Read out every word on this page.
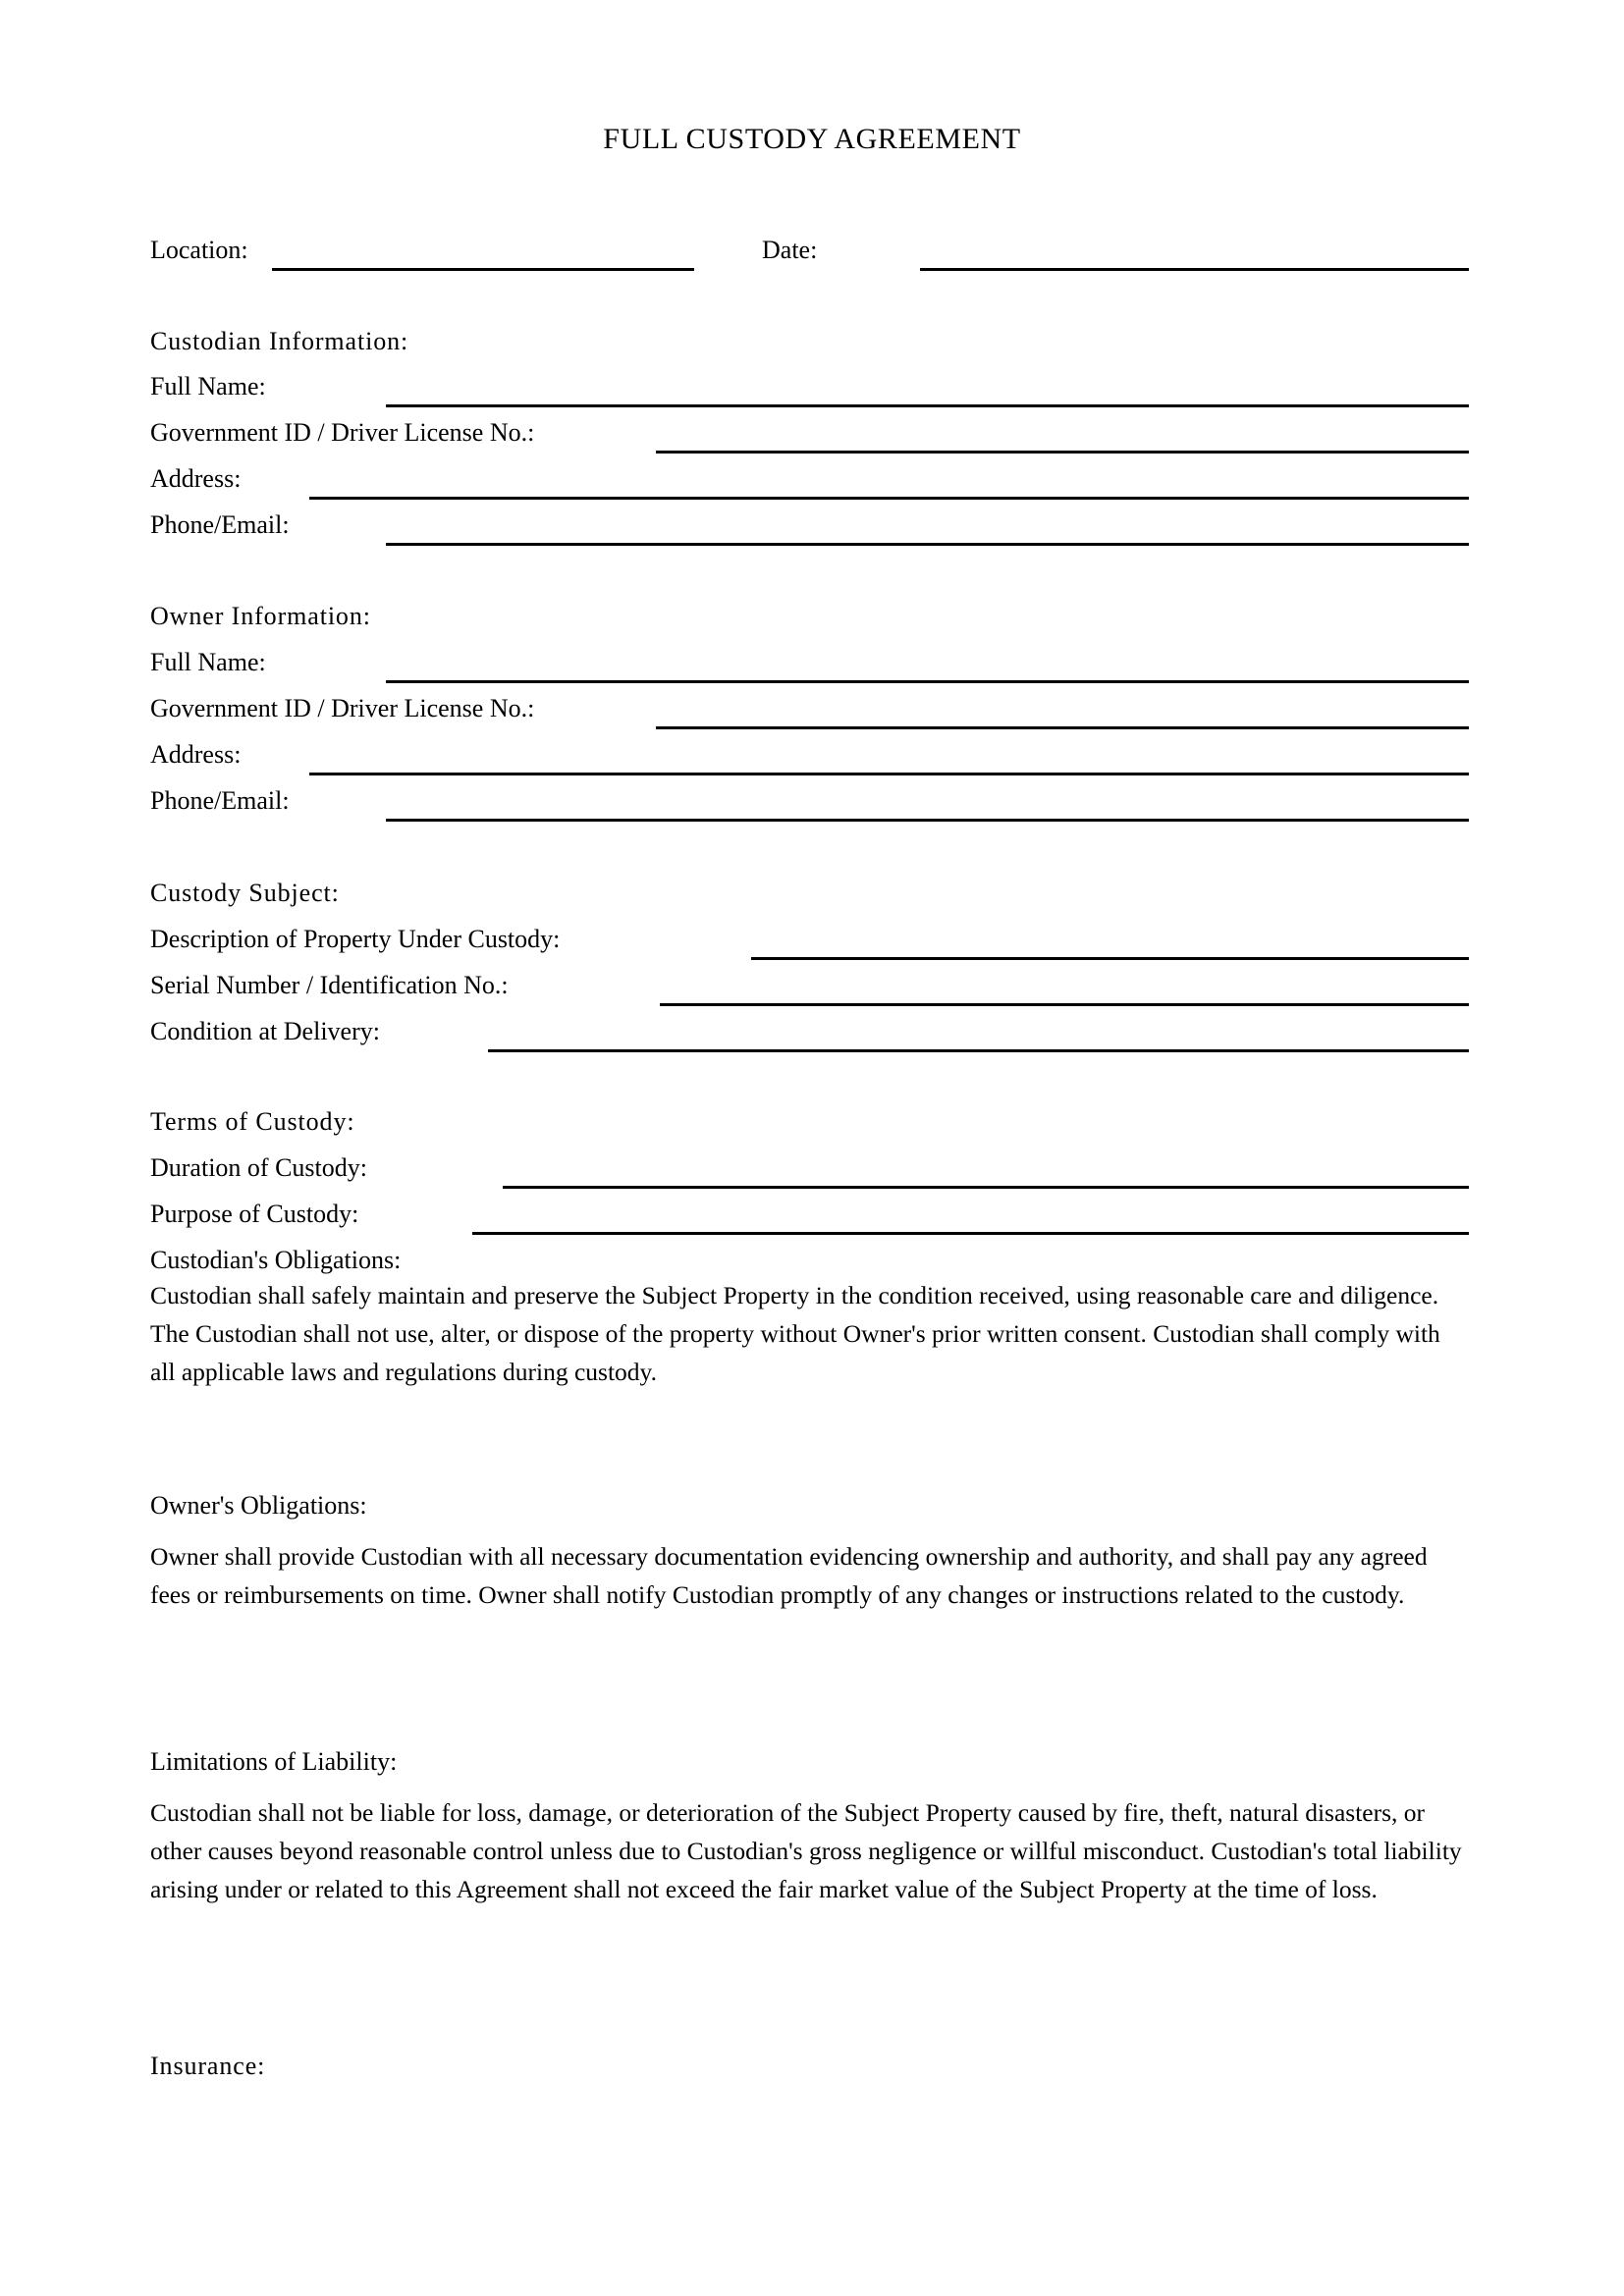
FULL CUSTODY AGREEMENT
Location:	Date:
Custodian Information:
Full Name:
Government ID / Driver License No.:
Address:
Phone/Email:
Owner Information:
Full Name:
Government ID / Driver License No.:
Address:
Phone/Email:
Custody Subject:
Description of Property Under Custody:
Serial Number / Identification No.:
Condition at Delivery:
Terms of Custody:
Duration of Custody:
Purpose of Custody:
Custodian's Obligations:
Custodian shall safely maintain and preserve the Subject Property in the condition received, using reasonable care and diligence. The Custodian shall not use, alter, or dispose of the property without Owner's prior written consent. Custodian shall comply with all applicable laws and regulations during custody.
Owner's Obligations:
Owner shall provide Custodian with all necessary documentation evidencing ownership and authority, and shall pay any agreed fees or reimbursements on time. Owner shall notify Custodian promptly of any changes or instructions related to the custody.
Limitations of Liability:
Custodian shall not be liable for loss, damage, or deterioration of the Subject Property caused by fire, theft, natural disasters, or other causes beyond reasonable control unless due to Custodian's gross negligence or willful misconduct. Custodian's total liability arising under or related to this Agreement shall not exceed the fair market value of the Subject Property at the time of loss.
Insurance:
